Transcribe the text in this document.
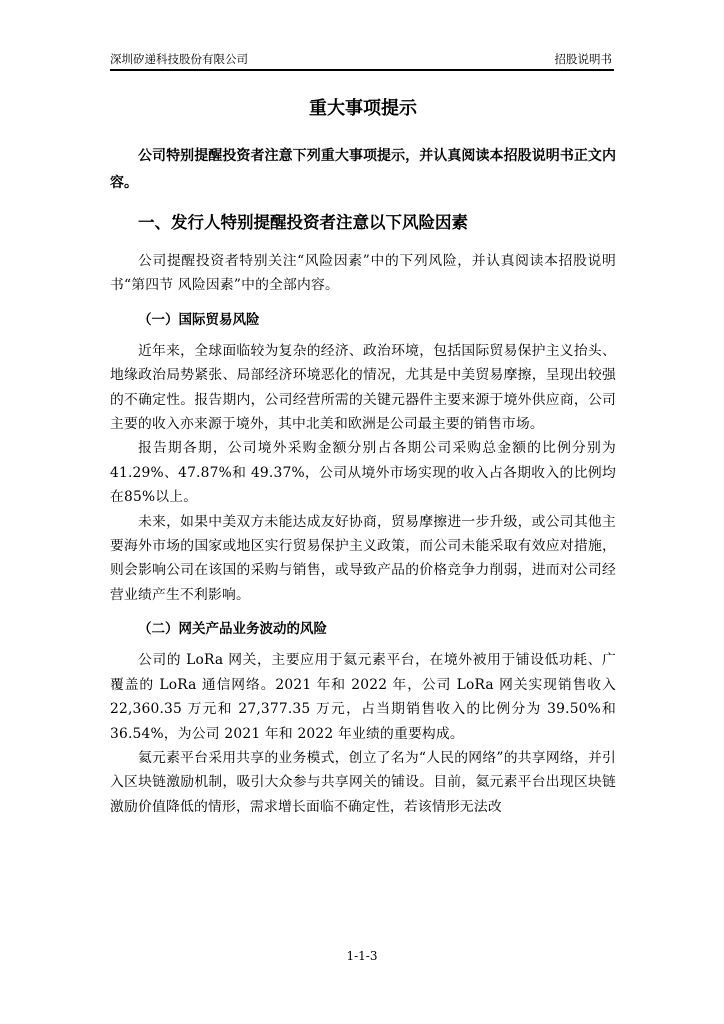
深圳矽递科技股份有限公司	招股说明书
重大事项提示

公司特别提醒投资者注意下列重大事项提示，并认真阅读本招股说明书正文内容。

一、发行人特别提醒投资者注意以下风险因素

公司提醒投资者特别关注“风险因素”中的下列风险，并认真阅读本招股说明书“第四节 风险因素”中的全部内容。

（一）国际贸易风险

近年来，全球面临较为复杂的经济、政治环境，包括国际贸易保护主义抬头、地缘政治局势紧张、局部经济环境恶化的情况，尤其是中美贸易摩擦，呈现出较强的不确定性。报告期内，公司经营所需的关键元器件主要来源于境外供应商，公司主要的收入亦来源于境外，其中北美和欧洲是公司最主要的销售市场。

报告期各期，公司境外采购金额分别占各期公司采购总金额的比例分别为41.29%、47.87%和 49.37%，公司从境外市场实现的收入占各期收入的比例均在85%以上。

未来，如果中美双方未能达成友好协商，贸易摩擦进一步升级，或公司其他主要海外市场的国家或地区实行贸易保护主义政策，而公司未能采取有效应对措施，则会影响公司在该国的采购与销售，或导致产品的价格竞争力削弱，进而对公司经营业绩产生不利影响。

（二）网关产品业务波动的风险

公司的 LoRa 网关，主要应用于氦元素平台，在境外被用于铺设低功耗、广覆盖的 LoRa 通信网络。2021 年和 2022 年，公司 LoRa 网关实现销售收入22,360.35 万元和 27,377.35 万元，占当期销售收入的比例分为 39.50%和36.54%，为公司 2021 年和 2022 年业绩的重要构成。

氦元素平台采用共享的业务模式，创立了名为“人民的网络”的共享网络，并引入区块链激励机制，吸引大众参与共享网关的铺设。目前，氦元素平台出现区块链激励价值降低的情形，需求增长面临不确定性，若该情形无法改

1-1-3
